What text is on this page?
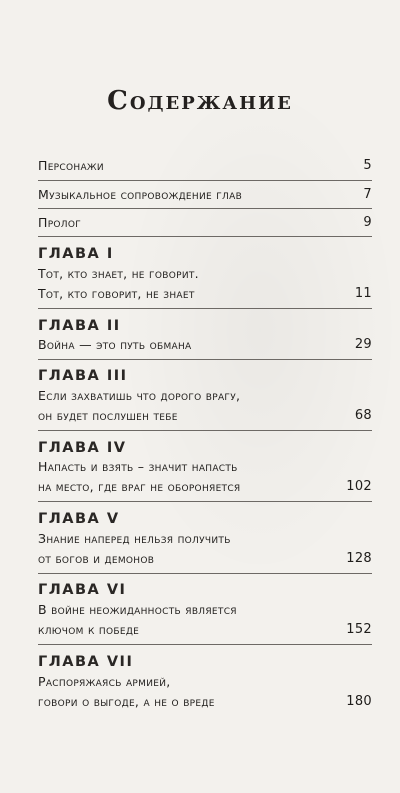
Содержание
Персонажи	5
Музыкальное сопровождение глав	7
Пролог	9
ГЛАВА I
Тот, кто знает, не говорит.
Тот, кто говорит, не знает	11
ГЛАВА II
Война — это путь обмана	29
ГЛАВА III
Если захватишь что дорого врагу,
он будет послушен тебе	68
ГЛАВА IV
Напасть и взять – значит напасть
на место, где враг не обороняется	102
ГЛАВА V
Знание наперед нельзя получить
от богов и демонов	128
ГЛАВА VI
В войне неожиданность является
ключом к победе	152
ГЛАВА VII
Распоряжаясь армией,
говори о выгоде, а не о вреде	180
